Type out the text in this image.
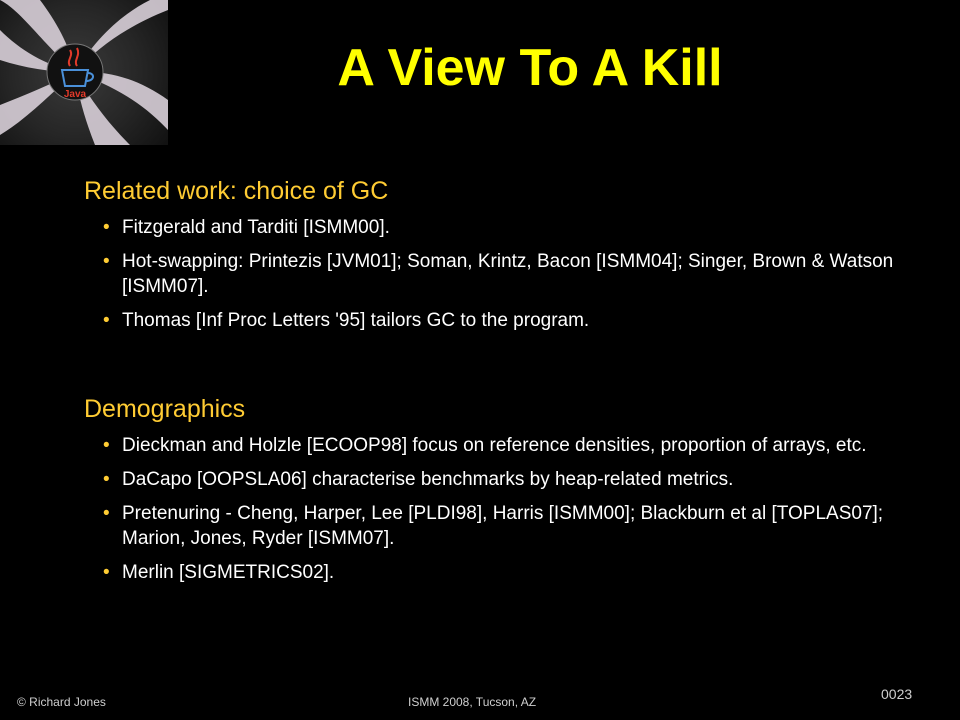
Java	A View To A Kill
Related work: choice of GC
• Fitzgerald and Tarditi [ISMM00].
• Hot-swapping: Printezis [JVM01]; Soman, Krintz, Bacon [ISMM04]; Singer, Brown & Watson [ISMM07].
• Thomas [Inf Proc Letters '95] tailors GC to the program.
Demographics
• Dieckman and Holzle [ECOOP98] focus on reference densities, proportion of arrays, etc.
• DaCapo [OOPSLA06] characterise benchmarks by heap-related metrics.
• Pretenuring - Cheng, Harper, Lee [PLDI98], Harris [ISMM00]; Blackburn et al [TOPLAS07]; Marion, Jones, Ryder [ISMM07].
• Merlin [SIGMETRICS02].
© Richard Jones	ISMM 2008, Tucson, AZ	0023
